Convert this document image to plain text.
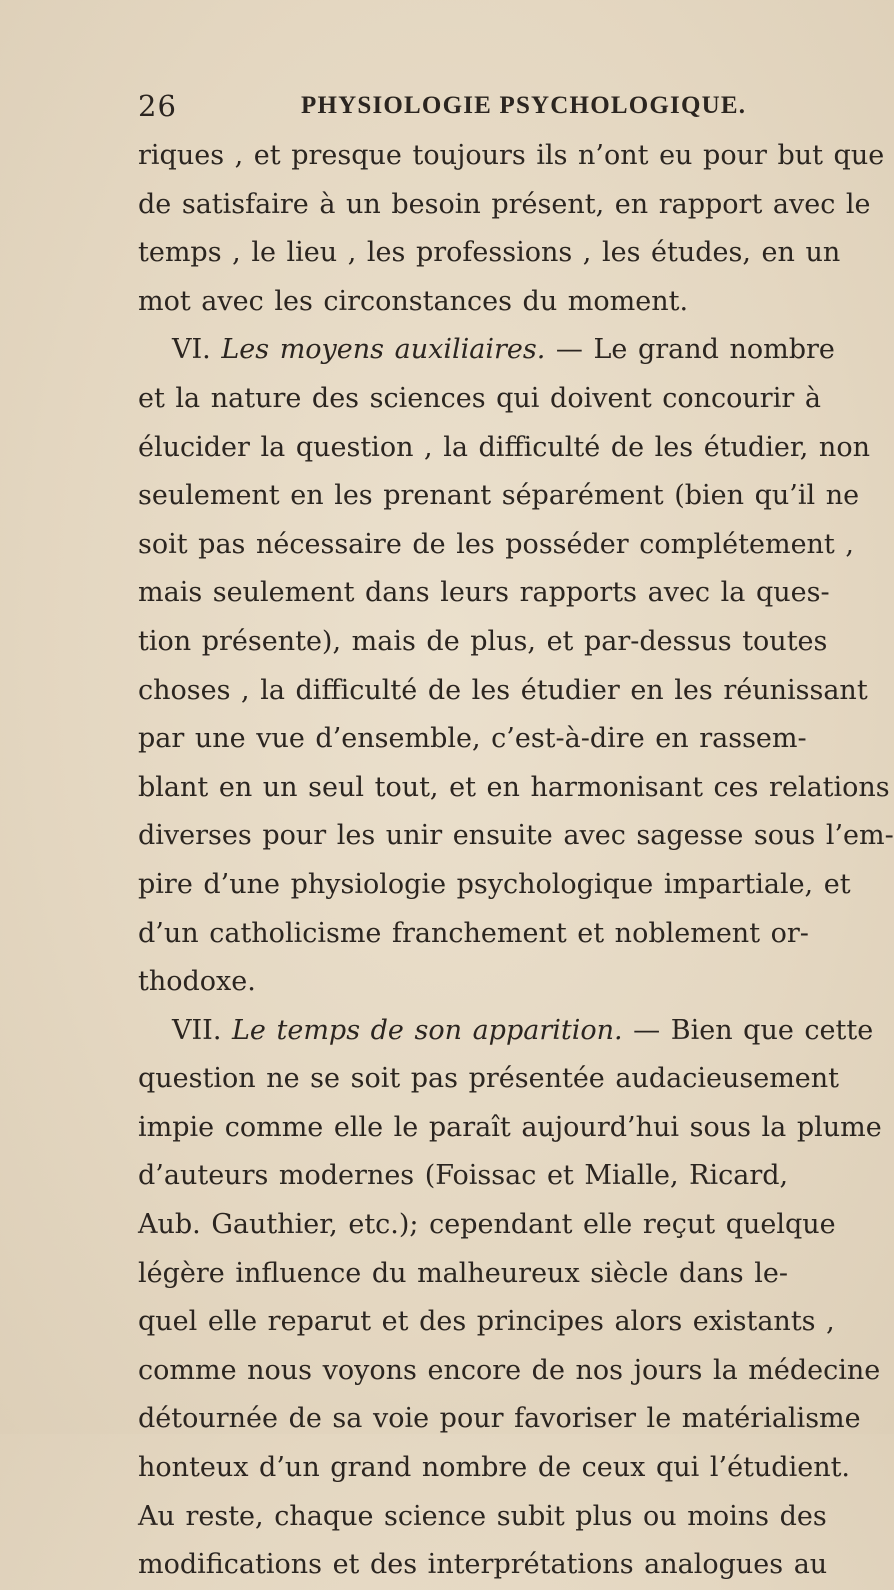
26	PHYSIOLOGIE PSYCHOLOGIQUE.
riques , et presque toujours ils n’ont eu pour but que
de satisfaire à un besoin présent, en rapport avec le
temps , le lieu , les professions , les études, en un
mot avec les circonstances du moment.
VI. Les moyens auxiliaires. — Le grand nombre
et la nature des sciences qui doivent concourir à
élucider la question , la difficulté de les étudier, non
seulement en les prenant séparément (bien qu’il ne
soit pas nécessaire de les posséder complétement ,
mais seulement dans leurs rapports avec la ques-
tion présente), mais de plus, et par-dessus toutes
choses , la difficulté de les étudier en les réunissant
par une vue d’ensemble, c’est-à-dire en rassem-
blant en un seul tout, et en harmonisant ces relations
diverses pour les unir ensuite avec sagesse sous l’em-
pire d’une physiologie psychologique impartiale, et
d’un catholicisme franchement et noblement or-
thodoxe.
VII. Le temps de son apparition. — Bien que cette
question ne se soit pas présentée audacieusement
impie comme elle le paraît aujourd’hui sous la plume
d’auteurs modernes (Foissac et Mialle, Ricard,
Aub. Gauthier, etc.); cependant elle reçut quelque
légère influence du malheureux siècle dans le-
quel elle reparut et des principes alors existants ,
comme nous voyons encore de nos jours la médecine
détournée de sa voie pour favoriser le matérialisme
honteux d’un grand nombre de ceux qui l’étudient.
Au reste, chaque science subit plus ou moins des
modifications et des interprétations analogues au
